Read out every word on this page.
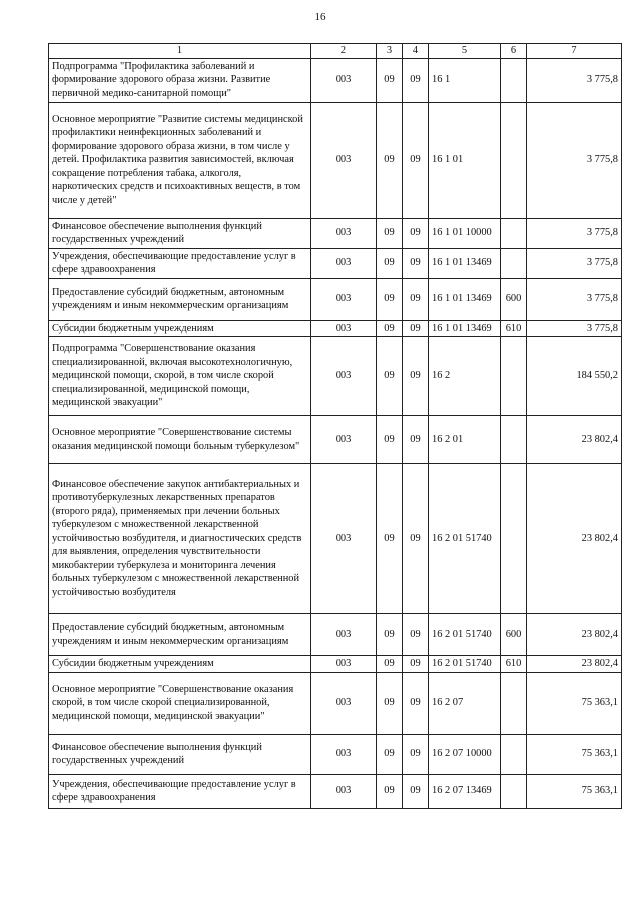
16
1	2	3	4	5	6	7
Подпрограмма "Профилактика заболеваний и формирование здорового образа жизни. Развитие первичной медико-санитарной помощи"	003	09	09	16 1		3 775,8
Основное мероприятие "Развитие системы медицинской профилактики неинфекционных заболеваний и формирование здорового образа жизни, в том числе у детей. Профилактика развития зависимостей, включая сокращение потребления табака, алкоголя, наркотических средств и психоактивных веществ, в том числе у детей"	003	09	09	16 1 01		3 775,8
Финансовое обеспечение выполнения функций государственных учреждений	003	09	09	16 1 01 10000		3 775,8
Учреждения, обеспечивающие предоставление услуг в сфере здравоохранения	003	09	09	16 1 01 13469		3 775,8
Предоставление субсидий бюджетным, автономным учреждениям и иным некоммерческим организациям	003	09	09	16 1 01 13469	600	3 775,8
Субсидии бюджетным учреждениям	003	09	09	16 1 01 13469	610	3 775,8
Подпрограмма "Совершенствование оказания специализированной, включая высокотехнологичную, медицинской помощи, скорой, в том числе скорой специализированной, медицинской помощи, медицинской эвакуации"	003	09	09	16 2		184 550,2
Основное мероприятие "Совершенствование системы оказания медицинской помощи больным туберкулезом"	003	09	09	16 2 01		23 802,4
Финансовое обеспечение закупок антибактериальных и противотуберкулезных лекарственных препаратов (второго ряда), применяемых при лечении больных туберкулезом с множественной лекарственной устойчивостью возбудителя, и диагностических средств для выявления, определения чувствительности микобактерии туберкулеза и мониторинга лечения больных туберкулезом с множественной лекарственной устойчивостью возбудителя	003	09	09	16 2 01 51740		23 802,4
Предоставление субсидий бюджетным, автономным учреждениям и иным некоммерческим организациям	003	09	09	16 2 01 51740	600	23 802,4
Субсидии бюджетным учреждениям	003	09	09	16 2 01 51740	610	23 802,4
Основное мероприятие "Совершенствование оказания скорой, в том числе скорой специализированной, медицинской помощи, медицинской эвакуации"	003	09	09	16 2 07		75 363,1
Финансовое обеспечение выполнения функций государственных учреждений	003	09	09	16 2 07 10000		75 363,1
Учреждения, обеспечивающие предоставление услуг в сфере здравоохранения	003	09	09	16 2 07 13469		75 363,1
